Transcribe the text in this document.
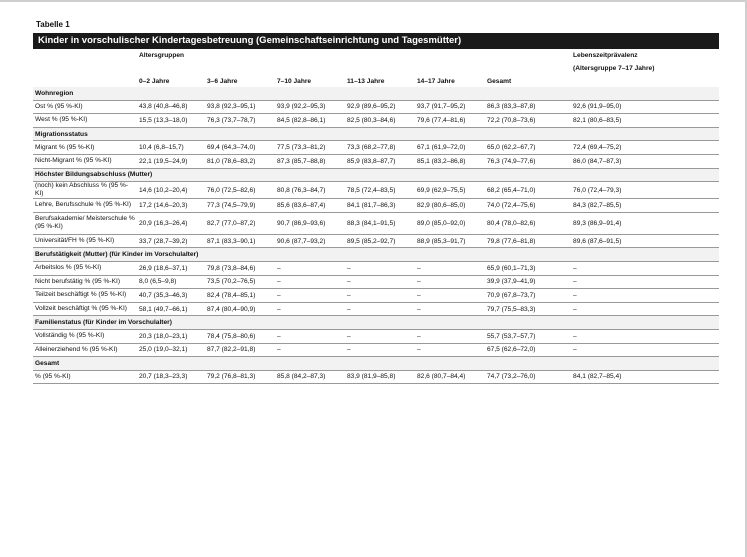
Tabelle 1
Kinder in vorschulischer Kindertagesbetreuung (Gemeinschaftseinrichtung und Tagesmütter)
	Altersgruppen						Lebenszeitprävalenz
							(Altersgruppe 7–17 Jahre)
	0–2 Jahre	3–6 Jahre	7–10 Jahre	11–13 Jahre	14–17 Jahre	Gesamt	
Wohnregion							
Ost % (95 %-KI)	43,8 (40,8–46,8)	93,8 (92,3–95,1)	93,9 (92,2–95,3)	92,9 (89,6–95,2)	93,7 (91,7–95,2)	86,3 (83,3–87,8)	92,6 (91,9–95,0)
West % (95 %-KI)	15,5 (13,3–18,0)	76,3 (73,7–78,7)	84,5 (82,8–86,1)	82,5 (80,3–84,6)	79,6 (77,4–81,6)	72,2 (70,8–73,6)	82,1 (80,6–83,5)
Migrationsstatus							
Migrant % (95 %-KI)	10,4 (6,8–15,7)	69,4 (64,3–74,0)	77,5 (73,3–81,2)	73,3 (68,2–77,8)	67,1 (61,9–72,0)	65,0 (62,2–67,7)	72,4 (69,4–75,2)
Nicht-Migrant % (95 %-KI)	22,1 (19,5–24,9)	81,0 (78,6–83,2)	87,3 (85,7–88,8)	85,9 (83,8–87,7)	85,1 (83,2–86,8)	76,3 (74,9–77,6)	86,0 (84,7–87,3)
Höchster Bildungsabschluss (Mutter)							
(noch) kein Abschluss % (95 %-KI)	14,6 (10,2–20,4)	76,0 (72,5–82,6)	80,8 (76,3–84,7)	78,5 (72,4–83,5)	69,9 (62,9–75,5)	68,2 (65,4–71,0)	76,0 (72,4–79,3)
Lehre, Berufsschule % (95 %-KI)	17,2 (14,6–20,3)	77,3 (74,5–79,9)	85,6 (83,6–87,4)	84,1 (81,7–86,3)	82,9 (80,6–85,0)	74,0 (72,4–75,6)	84,3 (82,7–85,5)
Berufsakademie/ Meisterschule % (95 %-KI)	20,9 (16,3–26,4)	82,7 (77,0–87,2)	90,7 (86,9–93,6)	88,3 (84,1–91,5)	89,0 (85,0–92,0)	80,4 (78,0–82,6)	89,3 (86,9–91,4)
Universität/FH % (95 %-KI)	33,7 (28,7–39,2)	87,1 (83,3–90,1)	90,6 (87,7–93,2)	89,5 (85,2–92,7)	88,9 (85,3–91,7)	79,8 (77,6–81,8)	89,6 (87,6–91,5)
Berufstätigkeit (Mutter) (für Kinder im Vorschulalter)							
Arbeitslos % (95 %-KI)	26,9 (18,6–37,1)	79,8 (73,8–84,6)	–	–	–	65,9 (60,1–71,3)	–
Nicht berufstätig % (95 %-KI)	8,0 (6,5–9,8)	73,5 (70,2–76,5)	–	–	–	39,9 (37,9–41,9)	–
Teilzeit beschäftigt % (95 %-KI)	40,7 (35,3–46,3)	82,4 (78,4–85,1)	–	–	–	70,9 (67,8–73,7)	–
Vollzeit beschäftigt % (95 %-KI)	58,1 (49,7–66,1)	87,4 (80,4–90,9)	–	–	–	79,7 (75,5–83,3)	–
Familienstatus (für Kinder im Vorschulalter)							
Vollständig % (95 %-KI)	20,3 (18,0–23,1)	78,4 (75,8–80,6)	–	–	–	55,7 (53,7–57,7)	–
Alleinerziehend % (95 %-KI)	25,0 (19,0–32,1)	87,7 (82,2–91,8)	–	–	–	67,5 (62,6–72,0)	–
Gesamt							
% (95 %-KI)	20,7 (18,3–23,3)	79,2 (76,8–81,3)	85,8 (84,2–87,3)	83,9 (81,9–85,8)	82,6 (80,7–84,4)	74,7 (73,2–76,0)	84,1 (82,7–85,4)
